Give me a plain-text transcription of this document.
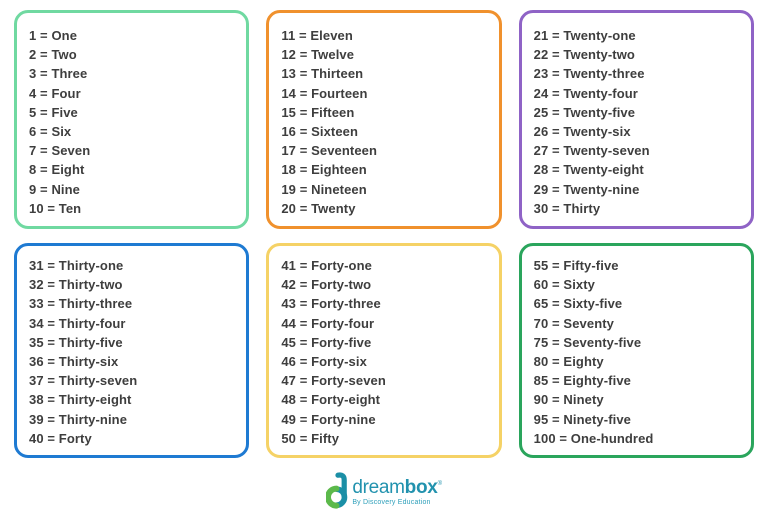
1 = One
2 = Two
3 = Three
4 = Four
5 = Five
6 = Six
7 = Seven
8 = Eight
9 = Nine
10 = Ten
11 = Eleven
12 = Twelve
13 = Thirteen
14 = Fourteen
15 = Fifteen
16 = Sixteen
17 = Seventeen
18 = Eighteen
19 = Nineteen
20 = Twenty
21 = Twenty-one
22 = Twenty-two
23 = Twenty-three
24 = Twenty-four
25 = Twenty-five
26 = Twenty-six
27 = Twenty-seven
28 = Twenty-eight
29 = Twenty-nine
30 = Thirty
31 = Thirty-one
32 = Thirty-two
33 = Thirty-three
34 = Thirty-four
35 = Thirty-five
36 = Thirty-six
37 = Thirty-seven
38 = Thirty-eight
39 = Thirty-nine
40 = Forty
41 = Forty-one
42 = Forty-two
43 = Forty-three
44 = Forty-four
45 = Forty-five
46 = Forty-six
47 = Forty-seven
48 = Forty-eight
49 = Forty-nine
50 = Fifty
55 = Fifty-five
60 = Sixty
65 = Sixty-five
70 = Seventy
75 = Seventy-five
80 = Eighty
85 = Eighty-five
90 = Ninety
95 = Ninety-five
100 = One-hundred
dreambox®
By Discovery Education
